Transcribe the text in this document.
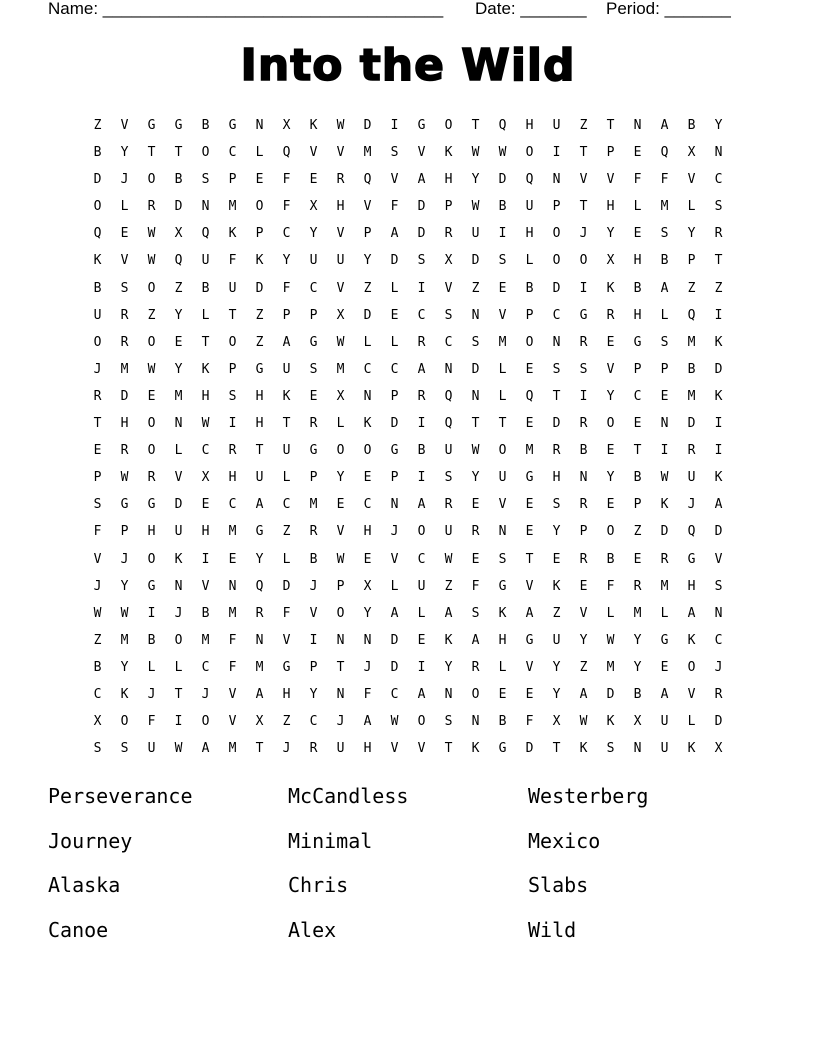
Name: ____________________________________ Date: _______ Period: _______
Into the Wild
Z	V	G	G	B	G	N	X	K	W	D	I	G	O	T	Q	H	U	Z	T	N	A	B	Y
B	Y	T	T	O	C	L	Q	V	V	M	S	V	K	W	W	O	I	T	P	E	Q	X	N
D	J	O	B	S	P	E	F	E	R	Q	V	A	H	Y	D	Q	N	V	V	F	F	V	C
O	L	R	D	N	M	O	F	X	H	V	F	D	P	W	B	U	P	T	H	L	M	L	S
Q	E	W	X	Q	K	P	C	Y	V	P	A	D	R	U	I	H	O	J	Y	E	S	Y	R
K	V	W	Q	U	F	K	Y	U	U	Y	D	S	X	D	S	L	O	O	X	H	B	P	T
B	S	O	Z	B	U	D	F	C	V	Z	L	I	V	Z	E	B	D	I	K	B	A	Z	Z
U	R	Z	Y	L	T	Z	P	P	X	D	E	C	S	N	V	P	C	G	R	H	L	Q	I
O	R	O	E	T	O	Z	A	G	W	L	L	R	C	S	M	O	N	R	E	G	S	M	K
J	M	W	Y	K	P	G	U	S	M	C	C	A	N	D	L	E	S	S	V	P	P	B	D
R	D	E	M	H	S	H	K	E	X	N	P	R	Q	N	L	Q	T	I	Y	C	E	M	K
T	H	O	N	W	I	H	T	R	L	K	D	I	Q	T	T	E	D	R	O	E	N	D	I
E	R	O	L	C	R	T	U	G	O	O	G	B	U	W	O	M	R	B	E	T	I	R	I
P	W	R	V	X	H	U	L	P	Y	E	P	I	S	Y	U	G	H	N	Y	B	W	U	K
S	G	G	D	E	C	A	C	M	E	C	N	A	R	E	V	E	S	R	E	P	K	J	A
F	P	H	U	H	M	G	Z	R	V	H	J	O	U	R	N	E	Y	P	O	Z	D	Q	D
V	J	O	K	I	E	Y	L	B	W	E	V	C	W	E	S	T	E	R	B	E	R	G	V
J	Y	G	N	V	N	Q	D	J	P	X	L	U	Z	F	G	V	K	E	F	R	M	H	S
W	W	I	J	B	M	R	F	V	O	Y	A	L	A	S	K	A	Z	V	L	M	L	A	N
Z	M	B	O	M	F	N	V	I	N	N	D	E	K	A	H	G	U	Y	W	Y	G	K	C
B	Y	L	L	C	F	M	G	P	T	J	D	I	Y	R	L	V	Y	Z	M	Y	E	O	J
C	K	J	T	J	V	A	H	Y	N	F	C	A	N	O	E	E	Y	A	D	B	A	V	R
X	O	F	I	O	V	X	Z	C	J	A	W	O	S	N	B	F	X	W	K	X	U	L	D
S	S	U	W	A	M	T	J	R	U	H	V	V	T	K	G	D	T	K	S	N	U	K	X
Perseverance	McCandless	Westerberg
Journey	Minimal	Mexico
Alaska	Chris	Slabs
Canoe	Alex	Wild
